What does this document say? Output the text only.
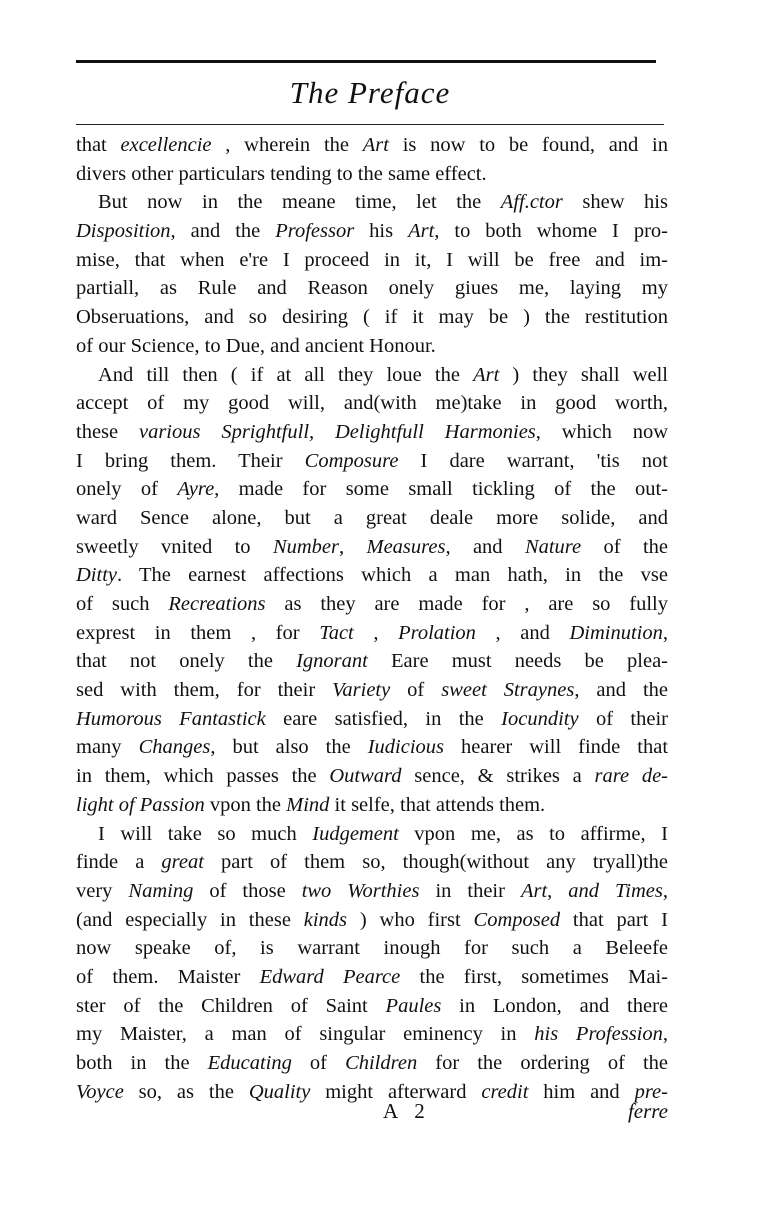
The Preface
that excellencie , wherein the Art is now to be found, and in
divers other particulars tending to the same effect.
But now in the meane time, let the Aff.ctor shew his
Disposition, and the Professor his Art, to both whome I pro-
mise, that when e're I proceed in it, I will be free and im-
partiall, as Rule and Reason onely giues me, laying my
Obseruations, and so desiring ( if it may be ) the restitution
of our Science, to Due, and ancient Honour.
And till then ( if at all they loue the Art ) they shall well
accept of my good will, and(with me)take in good worth,
these various Sprightfull, Delightfull Harmonies, which now
I bring them. Their Composure I dare warrant, 'tis not
onely of Ayre, made for some small tickling of the out-
ward Sence alone, but a great deale more solide, and
sweetly vnited to Number, Measures, and Nature of the
Ditty. The earnest affections which a man hath, in the vse
of such Recreations as they are made for , are so fully
exprest in them , for Tact , Prolation , and Diminution,
that not onely the Ignorant Eare must needs be plea-
sed with them, for their Variety of sweet Straynes, and the
Humorous Fantastick eare satisfied, in the Iocundity of their
many Changes, but also the Iudicious hearer will finde that
in them, which passes the Outward sence, & strikes a rare de-
light of Passion vpon the Mind it selfe, that attends them.
I will take so much Iudgement vpon me, as to affirme, I
finde a great part of them so, though(without any tryall)the
very Naming of those two Worthies in their Art, and Times,
(and especially in these kinds ) who first Composed that part I
now speake of, is warrant inough for such a Beleefe
of them. Maister Edward Pearce the first, sometimes Mai-
ster of the Children of Saint Paules in London, and there
my Maister, a man of singular eminency in his Profession,
both in the Educating of Children for the ordering of the
Voyce so, as the Quality might afterward credit him and pre-
A 2	ferre
